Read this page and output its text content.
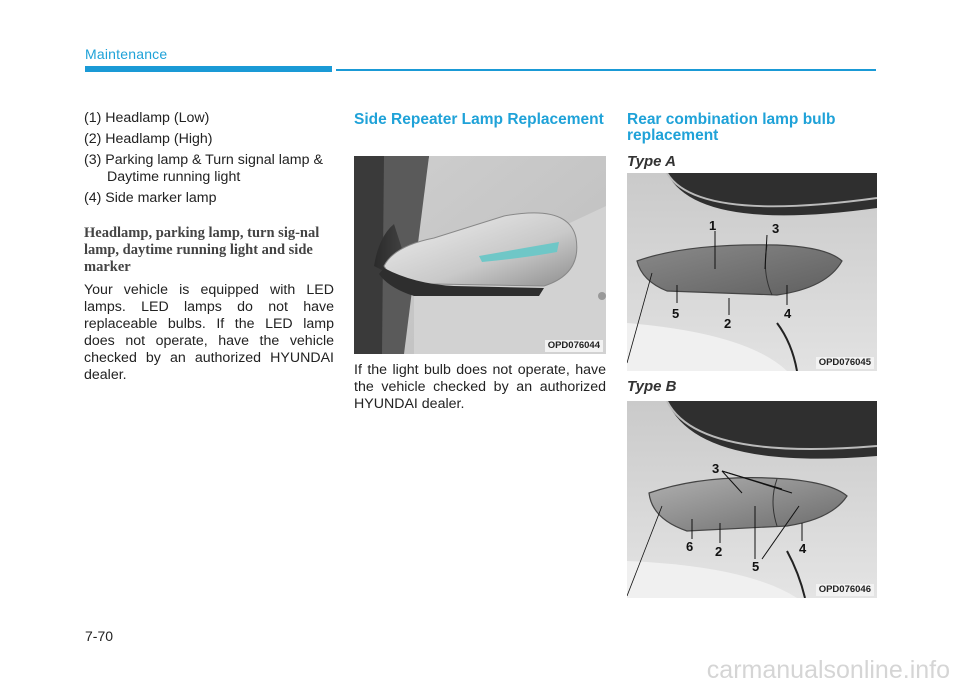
Maintenance
(1) Headlamp (Low)
(2) Headlamp (High)
(3) Parking lamp & Turn signal lamp & Daytime running light
(4) Side marker lamp
Headlamp, parking lamp, turn sig-nal lamp, daytime running light and side marker

Your vehicle is equipped with LED lamps. LED lamps do not have replaceable bulbs. If the LED lamp does not operate, have the vehicle checked by an authorized HYUNDAI dealer.

Side Repeater Lamp Replacement
OPD076044

If the light bulb does not operate, have the vehicle checked by an authorized HYUNDAI dealer.

Rear combination lamp bulb replacement
Type A
1	3
5
2
4
OPD076045
Type B
3
6 2	4
5
OPD076046
7-70
carmanualsonline.info
